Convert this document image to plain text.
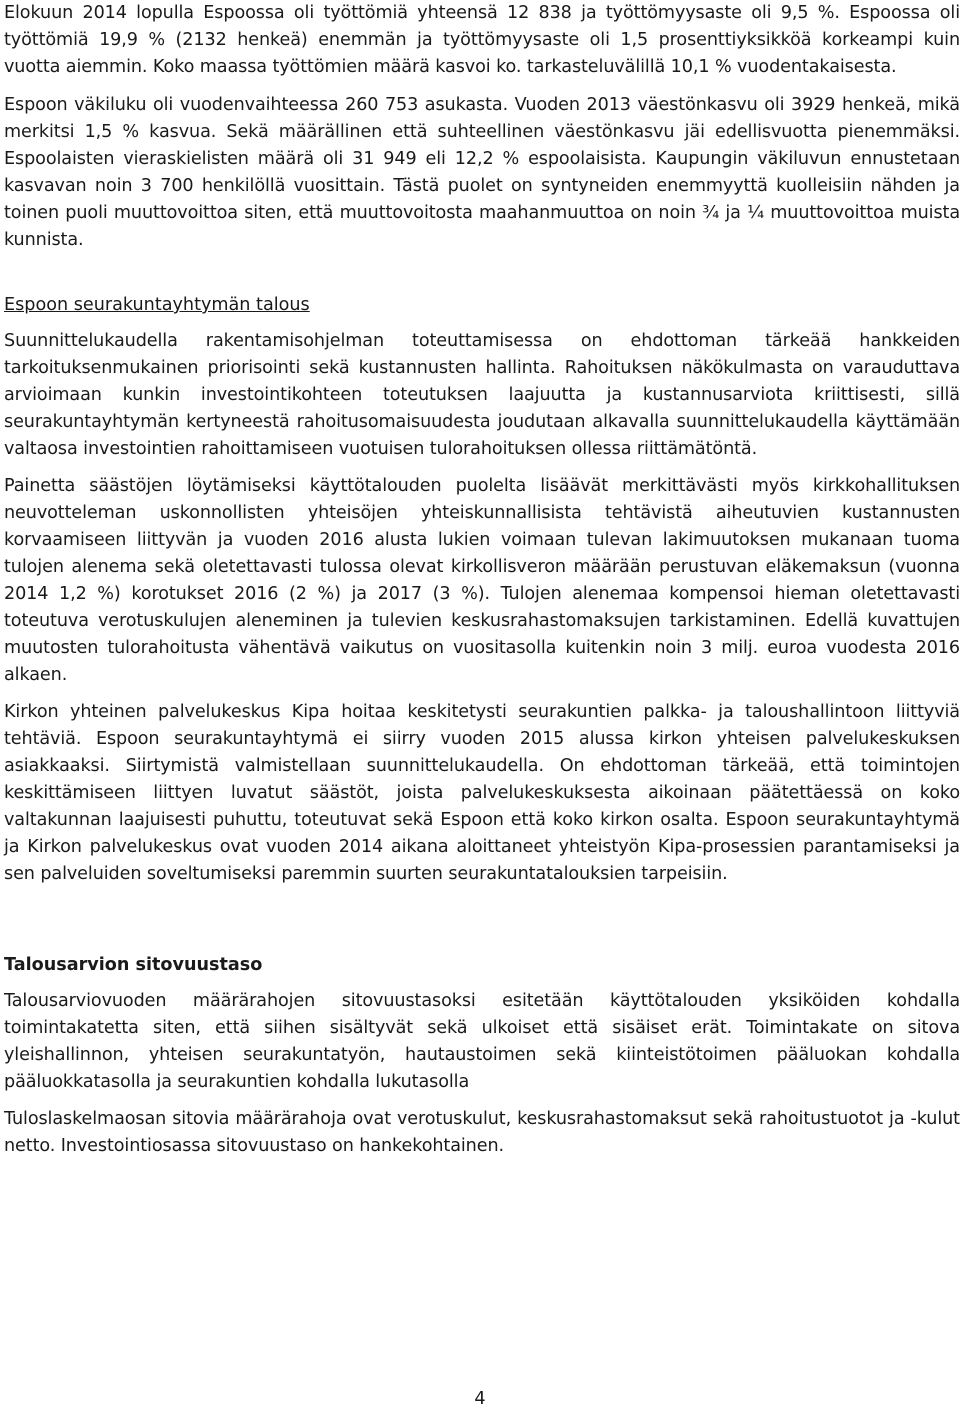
Elokuun 2014 lopulla Espoossa oli työttömiä yhteensä 12 838 ja työttömyysaste oli 9,5 %. Espoossa oli työttömiä 19,9 % (2132 henkeä) enemmän ja työttömyysaste oli 1,5 prosenttiyksikköä korkeampi kuin vuotta aiemmin. Koko maassa työttömien määrä kasvoi ko. tarkasteluvälillä 10,1 % vuodentakaisesta.

Espoon väkiluku oli vuodenvaihteessa 260 753 asukasta. Vuoden 2013 väestönkasvu oli 3929 henkeä, mikä merkitsi 1,5 % kasvua. Sekä määrällinen että suhteellinen väestönkasvu jäi edellisvuotta pienemmäksi. Espoolaisten vieraskielisten määrä oli 31 949 eli 12,2 % espoolaisista. Kaupungin väkiluvun ennustetaan kasvavan noin 3 700 henkilöllä vuosittain. Tästä puolet on syntyneiden enemmyyttä kuolleisiin nähden ja toinen puoli muuttovoittoa siten, että muuttovoitosta maahanmuuttoa on noin ¾ ja ¼ muuttovoittoa muista kunnista.

Espoon seurakuntayhtymän talous

Suunnittelukaudella rakentamisohjelman toteuttamisessa on ehdottoman tärkeää hankkeiden tarkoituksenmukainen priorisointi sekä kustannusten hallinta. Rahoituksen näkökulmasta on varauduttava arvioimaan kunkin investointikohteen toteutuksen laajuutta ja kustannusarviota kriittisesti, sillä seurakuntayhtymän kertyneestä rahoitusomaisuudesta joudutaan alkavalla suunnittelukaudella käyttämään valtaosa investointien rahoittamiseen vuotuisen tulorahoituksen ollessa riittämätöntä.

Painetta säästöjen löytämiseksi käyttötalouden puolelta lisäävät merkittävästi myös kirkkohallituksen neuvotteleman uskonnollisten yhteisöjen yhteiskunnallisista tehtävistä aiheutuvien kustannusten korvaamiseen liittyvän ja vuoden 2016 alusta lukien voimaan tulevan lakimuutoksen mukanaan tuoma tulojen alenema sekä oletettavasti tulossa olevat kirkollisveron määrään perustuvan eläkemaksun (vuonna 2014 1,2 %) korotukset 2016 (2 %) ja 2017 (3 %). Tulojen alenemaa kompensoi hieman oletettavasti toteutuva verotuskulujen aleneminen ja tulevien keskusrahastomaksujen tarkistaminen. Edellä kuvattujen muutosten tulorahoitusta vähentävä vaikutus on vuositasolla kuitenkin noin 3 milj. euroa vuodesta 2016 alkaen.

Kirkon yhteinen palvelukeskus Kipa hoitaa keskitetysti seurakuntien palkka- ja taloushallintoon liittyviä tehtäviä. Espoon seurakuntayhtymä ei siirry vuoden 2015 alussa kirkon yhteisen palvelukeskuksen asiakkaaksi. Siirtymistä valmistellaan suunnittelukaudella. On ehdottoman tärkeää, että toimintojen keskittämiseen liittyen luvatut säästöt, joista palvelukeskuksesta aikoinaan päätettäessä on koko valtakunnan laajuisesti puhuttu, toteutuvat sekä Espoon että koko kirkon osalta. Espoon seurakuntayhtymä ja Kirkon palvelukeskus ovat vuoden 2014 aikana aloittaneet yhteistyön Kipa-prosessien parantamiseksi ja sen palveluiden soveltumiseksi paremmin suurten seurakuntatalouksien tarpeisiin.

Talousarvion sitovuustaso

Talousarviovuoden määrärahojen sitovuustasoksi esitetään käyttötalouden yksiköiden kohdalla toimintakatetta siten, että siihen sisältyvät sekä ulkoiset että sisäiset erät. Toimintakate on sitova yleishallinnon, yhteisen seurakuntatyön, hautaustoimen sekä kiinteistötoimen pääluokan kohdalla pääluokkatasolla ja seurakuntien kohdalla lukutasolla

Tuloslaskelmaosan sitovia määrärahoja ovat verotuskulut, keskusrahastomaksut sekä rahoitustuotot ja -kulut netto. Investointiosassa sitovuustaso on hankekohtainen.

4
